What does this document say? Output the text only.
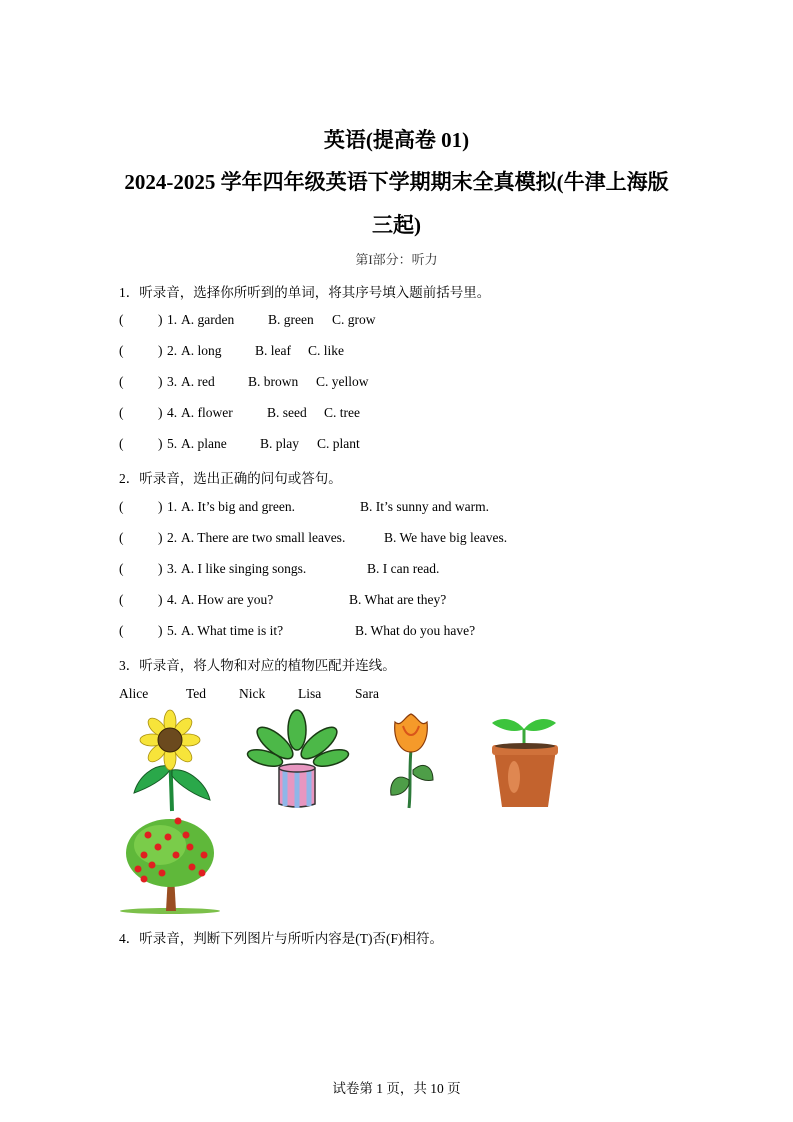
英语(提高卷 01)
2024-2025 学年四年级英语下学期期末全真模拟(牛津上海版
三起)
第I部分：听力
1．听录音，选择你所听到的单词，将其序号填入题前括号里。
(	) 1. A. garden	B. green C. grow
(	) 2. A. long B. leaf C. like
(	) 3. A. red B. brown C. yellow
(	) 4. A. flower	B. seed C. tree
(	) 5. A. plane B. play C. plant
2．听录音，选出正确的问句或答句。
(	) 1. A. It’s big and green.	B. It’s sunny and warm.
(	) 2. A. There are two small leaves.	B. We have big leaves.
(	) 3. A. I like singing songs.	B. I can read.
(	) 4. A. How are you?	B. What are they?
(	) 5. A. What time is it?	B. What do you have?
3．听录音，将人物和对应的植物匹配并连线。
Alice	Ted Nick Lisa	Sara
4．听录音，判断下列图片与所听内容是(T)否(F)相符。
试卷第 1 页，共 10 页
